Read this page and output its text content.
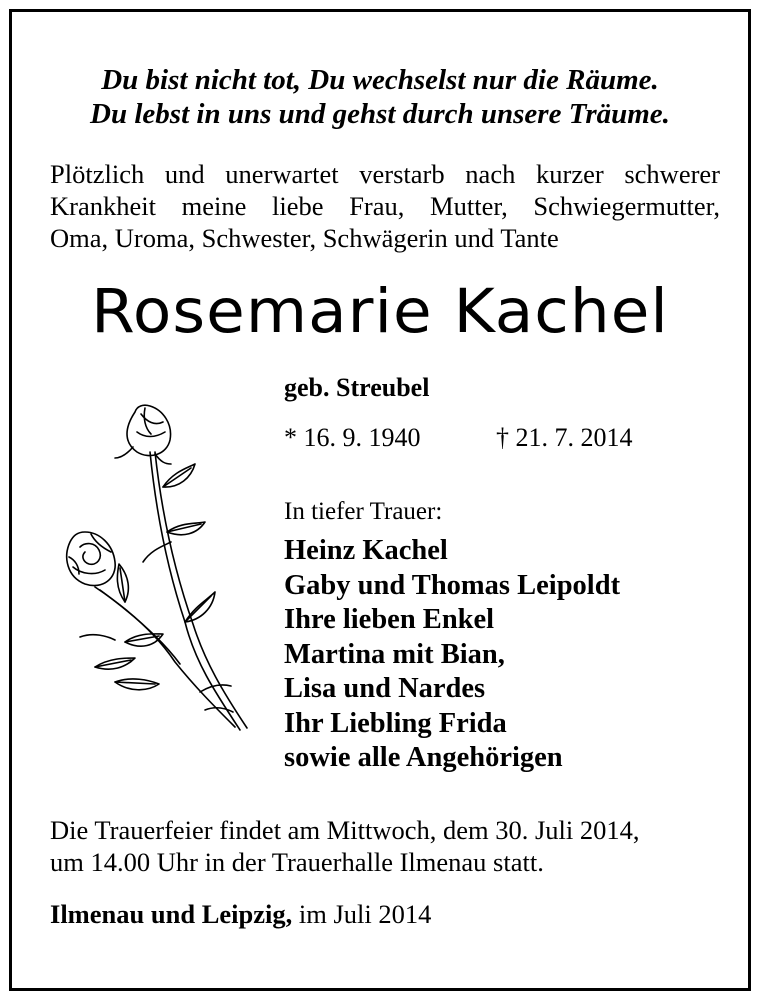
Du bist nicht tot, Du wechselst nur die Räume.
Du lebst in uns und gehst durch unsere Träume.
Plötzlich und unerwartet verstarb nach kurzer schwerer
Krankheit meine liebe Frau, Mutter, Schwiegermutter,
Oma, Uroma, Schwester, Schwägerin und Tante
Rosemarie Kachel
geb. Streubel
* 16. 9. 1940	† 21. 7. 2014
In tiefer Trauer:
Heinz Kachel
Gaby und Thomas Leipoldt
Ihre lieben Enkel
Martina mit Bian,
Lisa und Nardes
Ihr Liebling Frida
sowie alle Angehörigen
Die Trauerfeier findet am Mittwoch, dem 30. Juli 2014,
um 14.00 Uhr in der Trauerhalle Ilmenau statt.
Ilmenau und Leipzig, im Juli 2014
